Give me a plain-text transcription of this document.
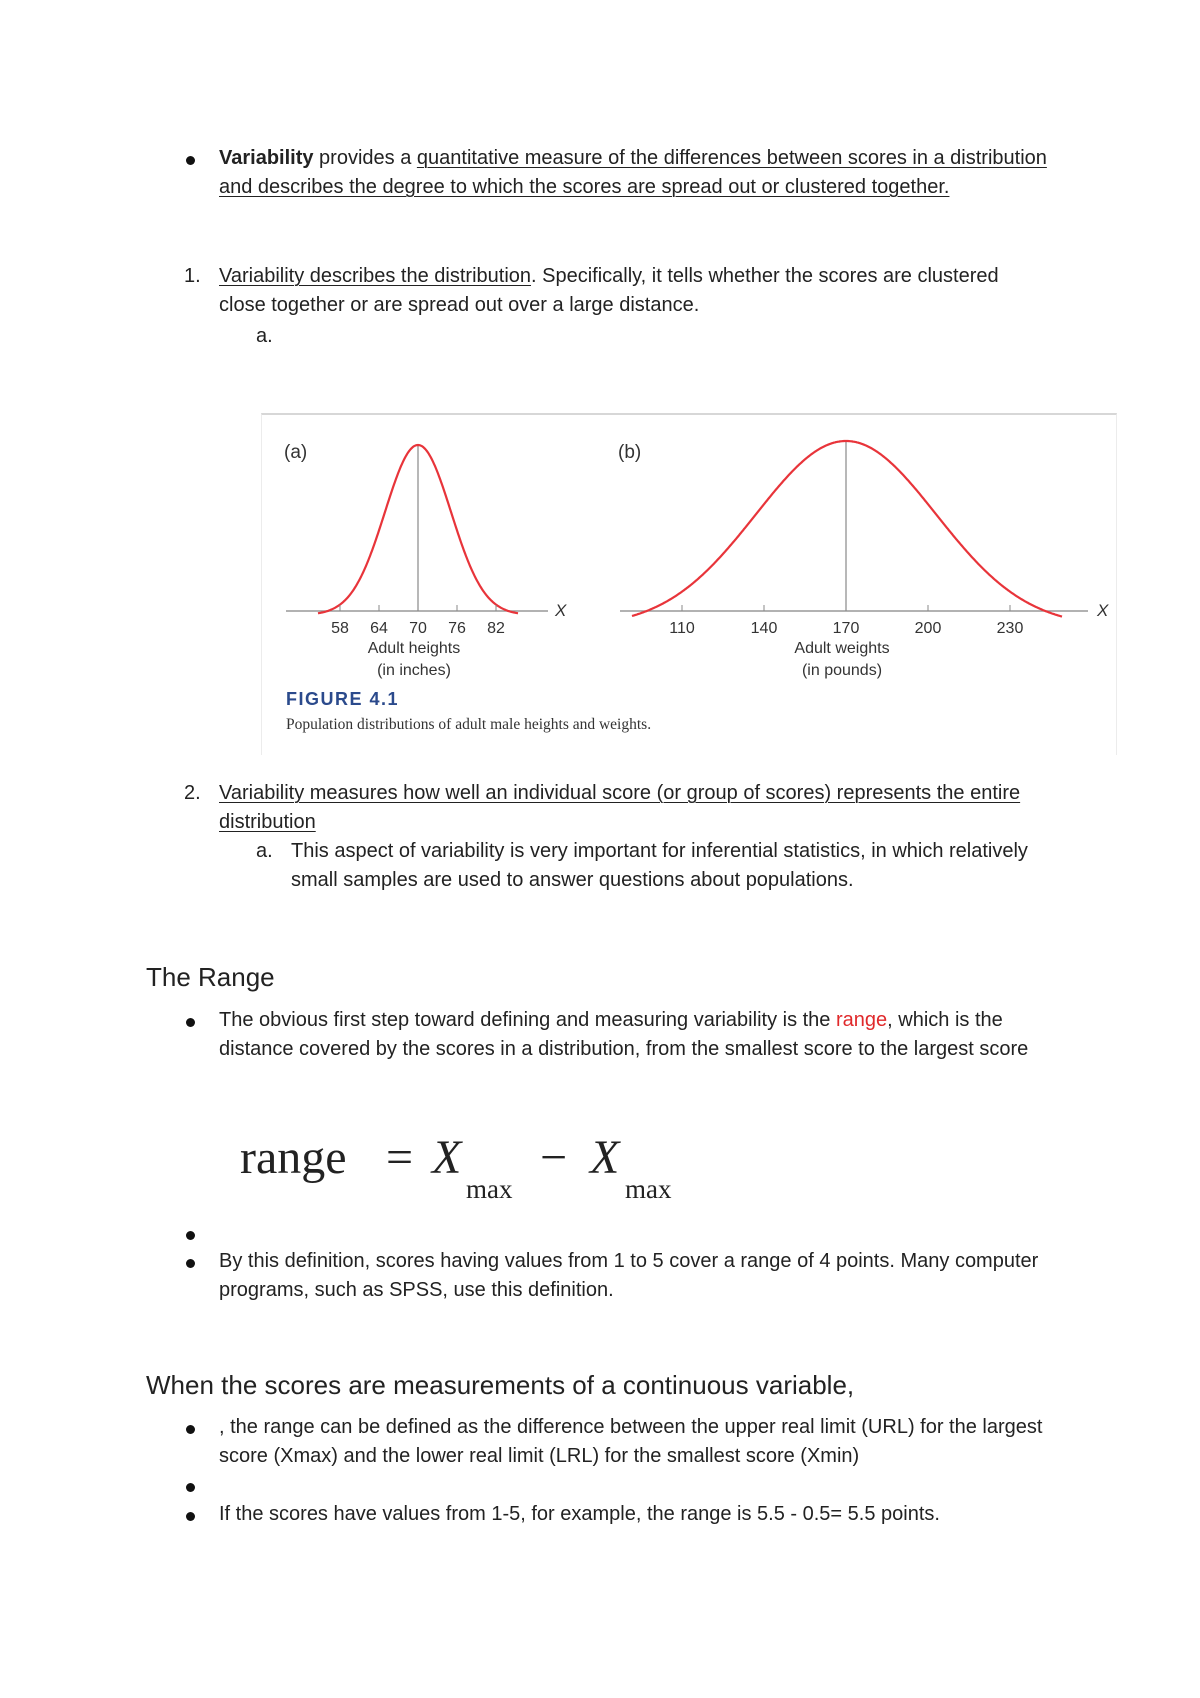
Variability provides a quantitative measure of the differences between scores in a distribution and describes the degree to which the scores are spread out or clustered together.
1. Variability describes the distribution. Specifically, it tells whether the scores are clustered close together or are spread out over a large distance.
a.
(a)	(b)
X	X
58 64 70 76 82
Adult heights
(in inches)
110	140	170	200	230
Adult weights
(in pounds)
FIGURE 4.1
Population distributions of adult male heights and weights.
2. Variability measures how well an individual score (or group of scores) represents the entire distribution
a. This aspect of variability is very important for inferential statistics, in which relatively small samples are used to answer questions about populations.
The Range
The obvious first step toward defining and measuring variability is the range, which is the distance covered by the scores in a distribution, from the smallest score to the largest score
range = X
max
− X
max
By this definition, scores having values from 1 to 5 cover a range of 4 points. Many computer programs, such as SPSS, use this definition.
When the scores are measurements of a continuous variable,
, the range can be defined as the difference between the upper real limit (URL) for the largest score (Xmax) and the lower real limit (LRL) for the smallest score (Xmin)
If the scores have values from 1-5, for example, the range is 5.5 - 0.5= 5.5 points.
